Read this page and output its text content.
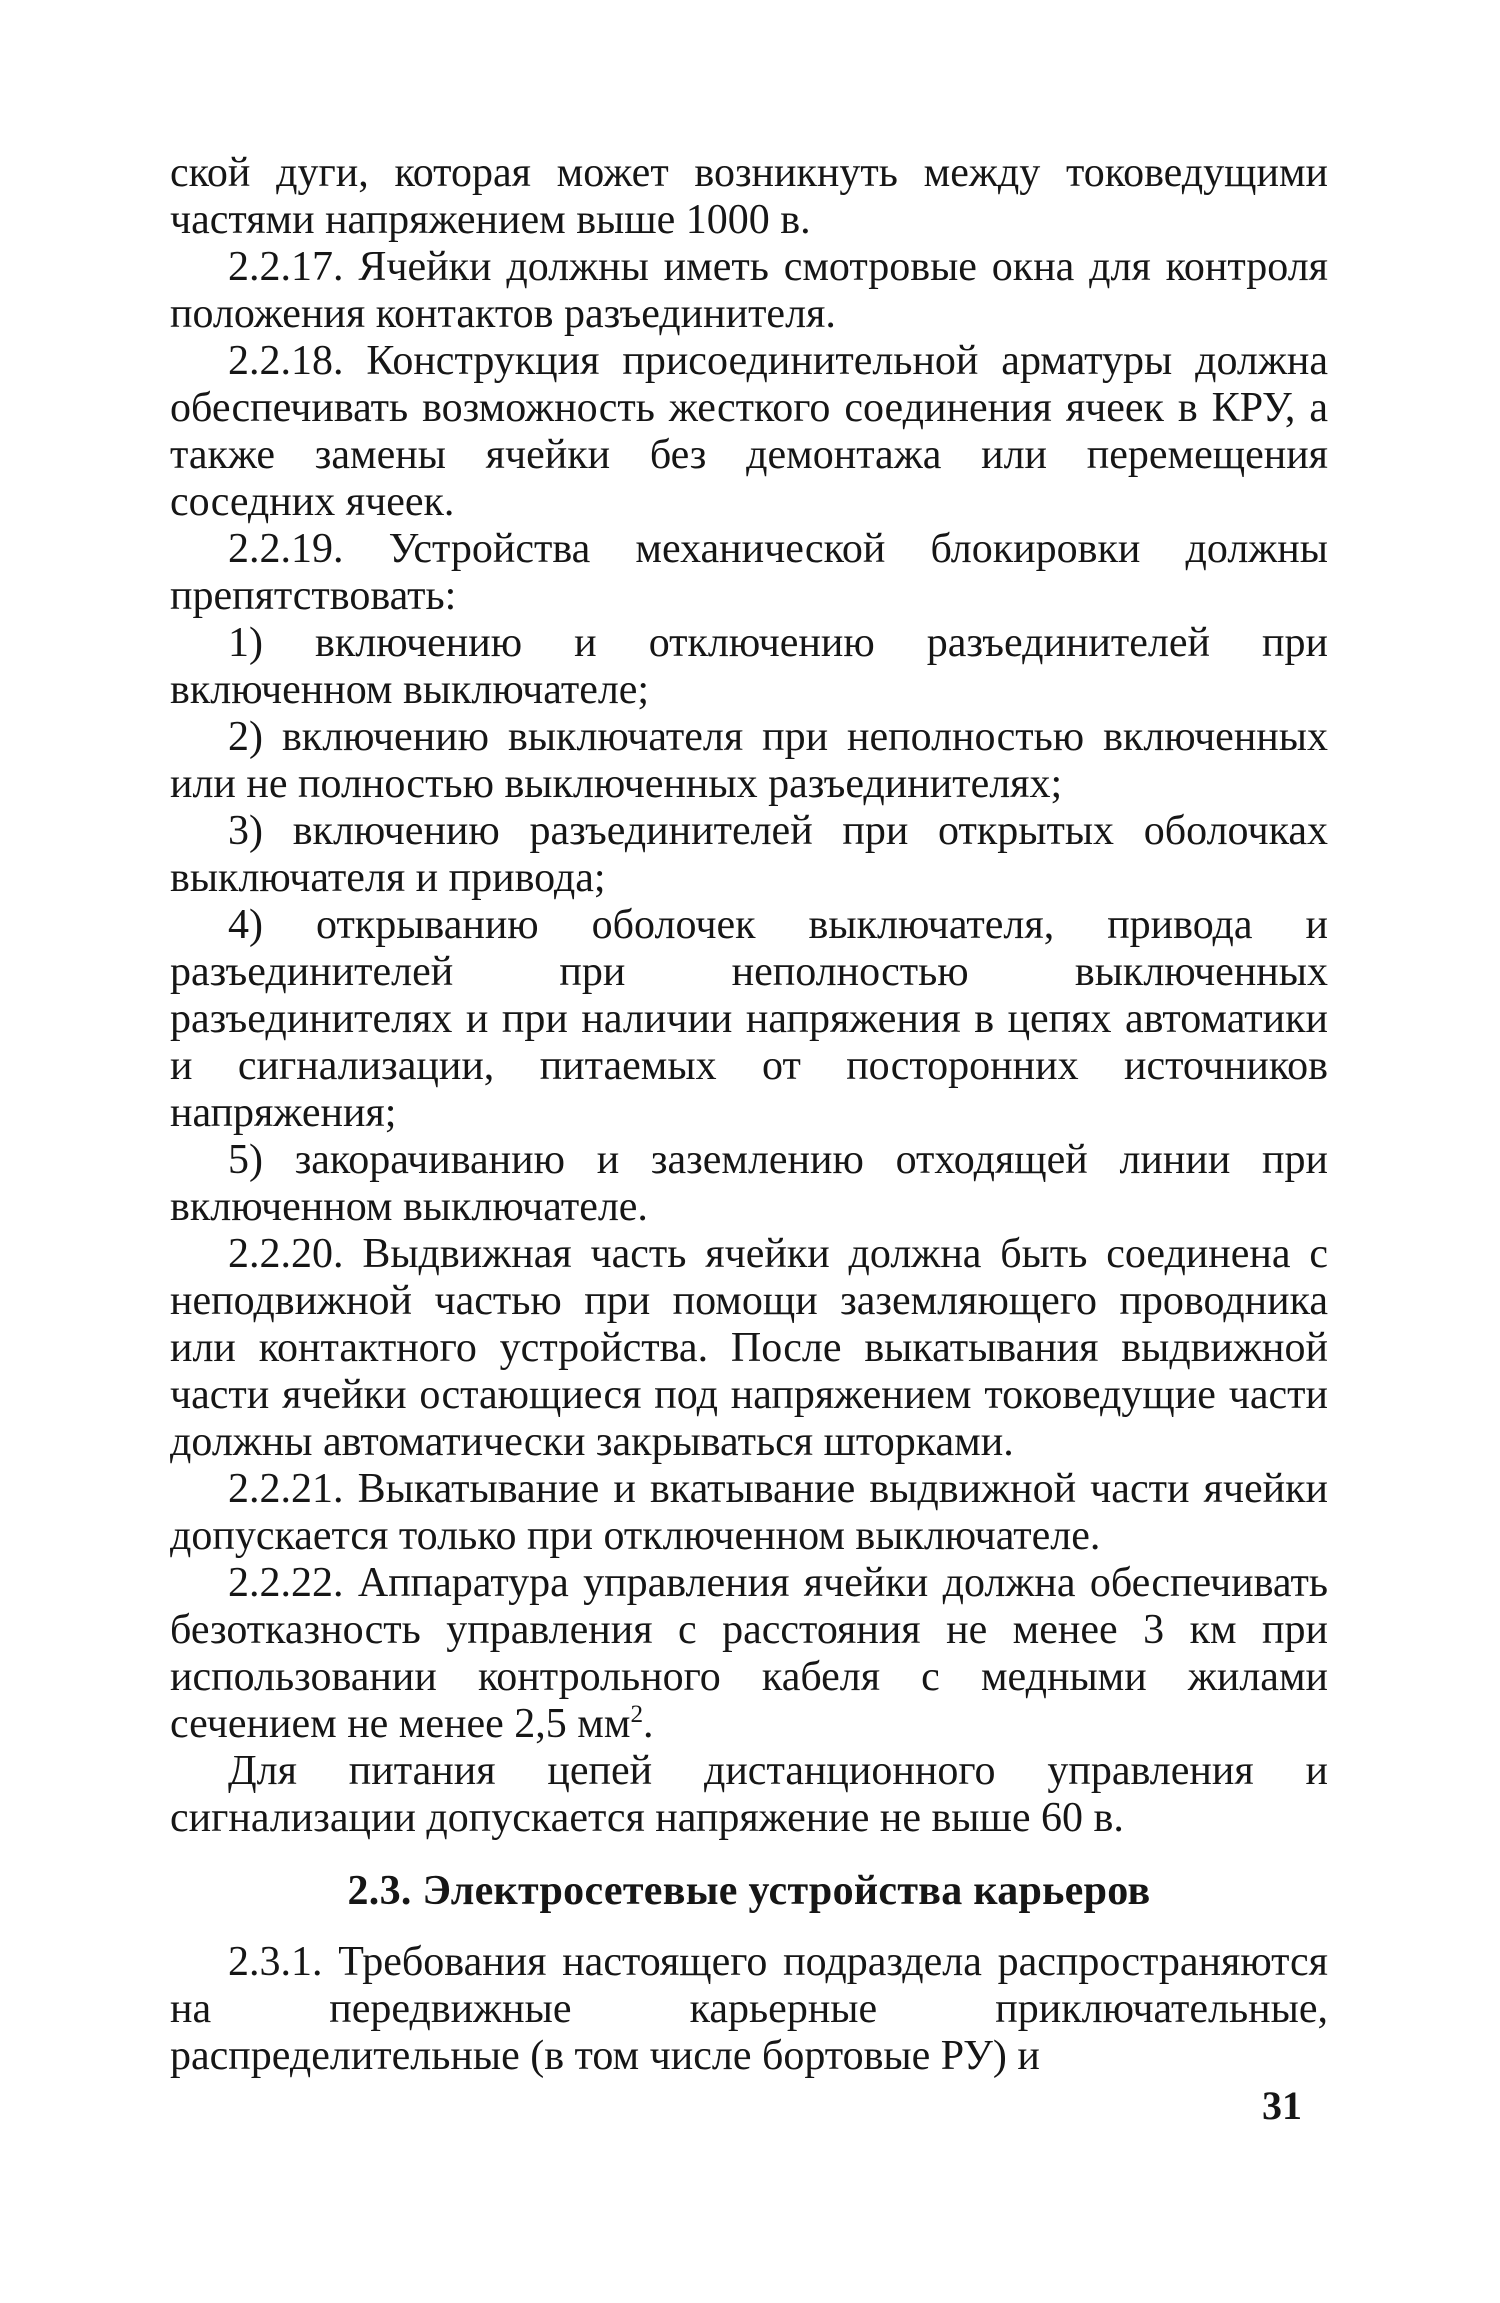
ской дуги, которая может возникнуть между токоведущими частями напряжением выше 1000 в.

2.2.17. Ячейки должны иметь смотровые окна для контроля положения контактов разъединителя.

2.2.18. Конструкция присоединительной арматуры должна обеспечивать возможность жесткого соединения ячеек в КРУ, а также замены ячейки без демонтажа или перемещения соседних ячеек.

2.2.19. Устройства механической блокировки должны препятствовать:

1) включению и отключению разъединителей при включенном выключателе;

2) включению выключателя при неполностью включенных или не полностью выключенных разъединителях;

3) включению разъединителей при открытых оболочках выключателя и привода;

4) открыванию оболочек выключателя, привода и разъединителей при неполностью выключенных разъединителях и при наличии напряжения в цепях автоматики и сигнализации, питаемых от посторонних источников напряжения;

5) закорачиванию и заземлению отходящей линии при включенном выключателе.

2.2.20. Выдвижная часть ячейки должна быть соединена с неподвижной частью при помощи заземляющего проводника или контактного устройства. После выкатывания выдвижной части ячейки остающиеся под напряжением токоведущие части должны автоматически закрываться шторками.

2.2.21. Выкатывание и вкатывание выдвижной части ячейки допускается только при отключенном выключателе.

2.2.22. Аппаратура управления ячейки должна обеспечивать безотказность управления с расстояния не менее 3 км при использовании контрольного кабеля с медными жилами сечением не менее 2,5 $мм^2$.

Для питания цепей дистанционного управления и сигнализации допускается напряжение не выше 60 в.

2.3. Электросетевые устройства карьеров

2.3.1. Требования настоящего подраздела распространяются на передвижные карьерные приключательные, распределительные (в том числе бортовые РУ) и

31
